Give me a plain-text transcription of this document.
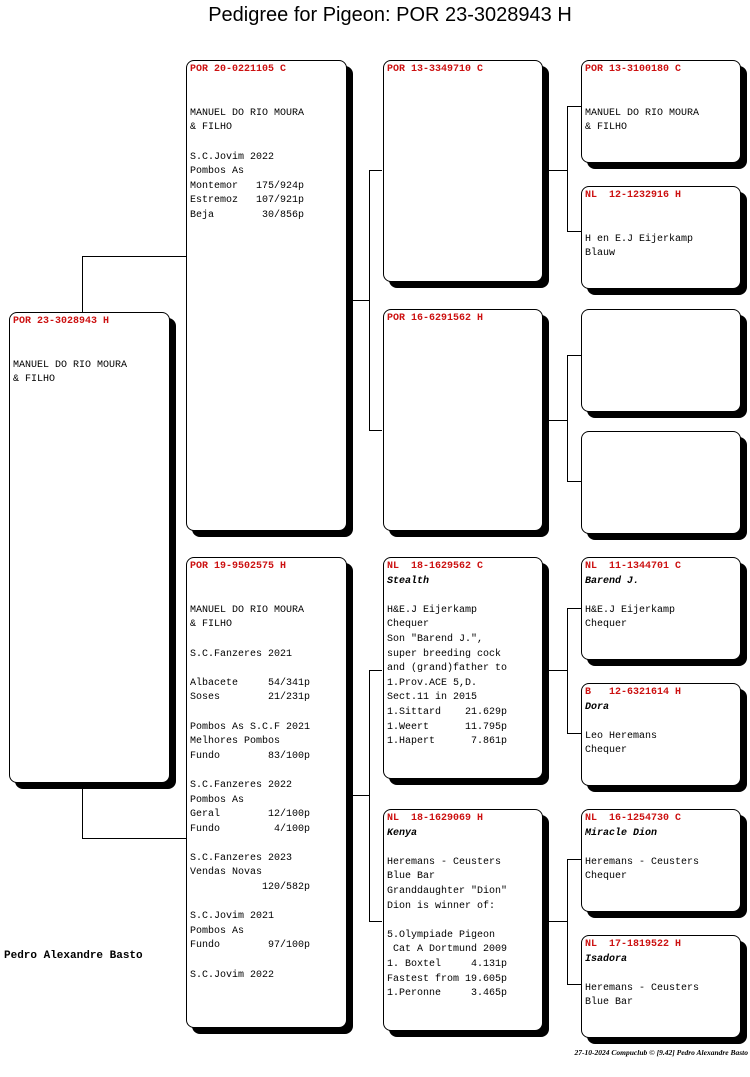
Pedigree for Pigeon: POR 23-3028943 H
POR 23-3028943 H
MANUEL DO RIO MOURA
& FILHO
POR 20-0221105 C
MANUEL DO RIO MOURA
& FILHO

S.C.Jovim 2022
Pombos As
Montemor   175/924p
Estremoz   107/921p
Beja        30/856p
POR 19-9502575 H
MANUEL DO RIO MOURA
& FILHO

S.C.Fanzeres 2021

Albacete     54/341p
Soses        21/231p

Pombos As S.C.F 2021
Melhores Pombos
Fundo        83/100p

S.C.Fanzeres 2022
Pombos As
Geral        12/100p
Fundo         4/100p

S.C.Fanzeres 2023
Vendas Novas
120/582p

S.C.Jovim 2021
Pombos As
Fundo        97/100p

S.C.Jovim 2022
POR 13-3349710 C
POR 16-6291562 H
NL  18-1629562 C
Stealth
H&E.J Eijerkamp
Chequer
Son "Barend J.",
super breeding cock
and (grand)father to
1.Prov.ACE 5,D.
Sect.11 in 2015
1.Sittard    21.629p
1.Weert      11.795p
1.Hapert      7.861p
NL  18-1629069 H
Kenya
Heremans - Ceusters
Blue Bar
Granddaughter "Dion"
Dion is winner of:

5.Olympiade Pigeon
Cat A Dortmund 2009
1. Boxtel     4.131p
Fastest from 19.605p
1.Peronne     3.465p
POR 13-3100180 C
MANUEL DO RIO MOURA
& FILHO
NL  12-1232916 H
H en E.J Eijerkamp
Blauw
NL  11-1344701 C
Barend J.
H&E.J Eijerkamp
Chequer
B   12-6321614 H
Dora
Leo Heremans
Chequer
NL  16-1254730 C
Miracle Dion
Heremans - Ceusters
Chequer
NL  17-1819522 H
Isadora
Heremans - Ceusters
Blue Bar
Pedro Alexandre Basto
27-10-2024 Compuclub © [9.42] Pedro Alexandre Basto
